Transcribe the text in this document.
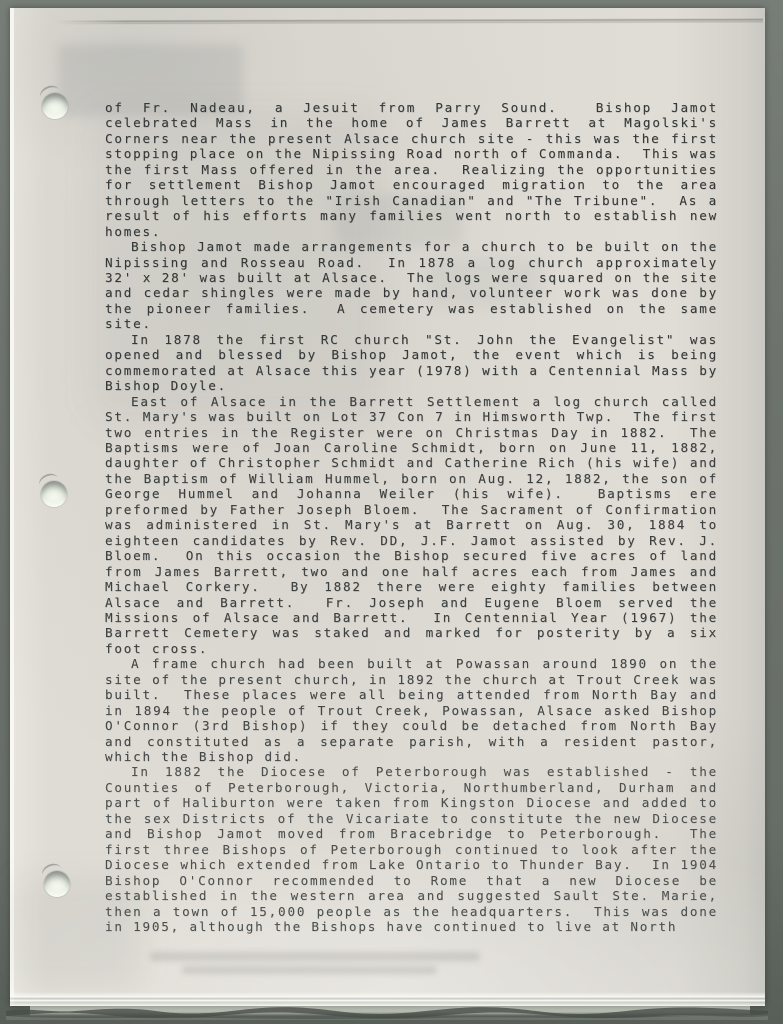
of Fr. Nadeau, a Jesuit from Parry Sound.  Bishop Jamot celebrated Mass in the home of James Barrett at Magolski's Corners near the present Alsace church site - this was the first stopping place on the Nipissing Road north of Commanda.  This was the first Mass offered in the area.  Realizing the opportunities for settlement Bishop Jamot encouraged migration to the area through letters to the "Irish Canadian" and "The Tribune".  As a result of his efforts many families went north to establish new homes.

Bishop Jamot made arrangements for a church to be built on the Nipissing and Rosseau Road.  In 1878 a log church approximately 32' x 28' was built at Alsace.  The logs were squared on the site and cedar shingles were made by hand, volunteer work was done by the pioneer families.  A cemetery was established on the same site.

In 1878 the first RC church "St. John the Evangelist" was opened and blessed by Bishop Jamot, the event which is being commemorated at Alsace this year (1978) with a Centennial Mass by Bishop Doyle.

East of Alsace in the Barrett Settlement a log church called St. Mary's was built on Lot 37 Con 7 in Himsworth Twp.  The first two entries in the Register were on Christmas Day in 1882.  The Baptisms were of Joan Caroline Schmidt, born on June 11, 1882, daughter of Christopher Schmidt and Catherine Rich (his wife) and the Baptism of William Hummel, born on Aug. 12, 1882, the son of George Hummel and Johanna Weiler (his wife).  Baptisms ere preformed by Father Joseph Bloem.  The Sacrament of Confirmation was administered in St. Mary's at Barrett on Aug. 30, 1884 to eighteen candidates by Rev. DD, J.F. Jamot assisted by Rev. J. Bloem.  On this occasion the Bishop secured five acres of land from James Barrett, two and one half acres each from James and Michael Corkery.  By 1882 there were eighty families between Alsace and Barrett.  Fr. Joseph and Eugene Bloem served the Missions of Alsace and Barrett.  In Centennial Year (1967) the Barrett Cemetery was staked and marked for posterity by a six foot cross.

A frame church had been built at Powassan around 1890 on the site of the present church, in 1892 the church at Trout Creek was built.  These places were all being attended from North Bay and in 1894 the people of Trout Creek, Powassan, Alsace asked Bishop O'Connor (3rd Bishop) if they could be detached from North Bay and constituted as a separate parish, with a resident pastor, which the Bishop did.

In 1882 the Diocese of Peterborough was established - the Counties of Peterborough, Victoria, Northumberland, Durham and part of Haliburton were taken from Kingston Diocese and added to the sex Districts of the Vicariate to constitute the new Diocese and Bishop Jamot moved from Bracebridge to Peterborough.  The first three Bishops of Peterborough continued to look after the Diocese which extended from Lake Ontario to Thunder Bay.  In 1904 Bishop O'Connor recommended to Rome that a new Diocese be established in the western area and suggested Sault Ste. Marie, then a town of 15,000 people as the headquarters.  This was done in 1905, although the Bishops have continued to live at North
